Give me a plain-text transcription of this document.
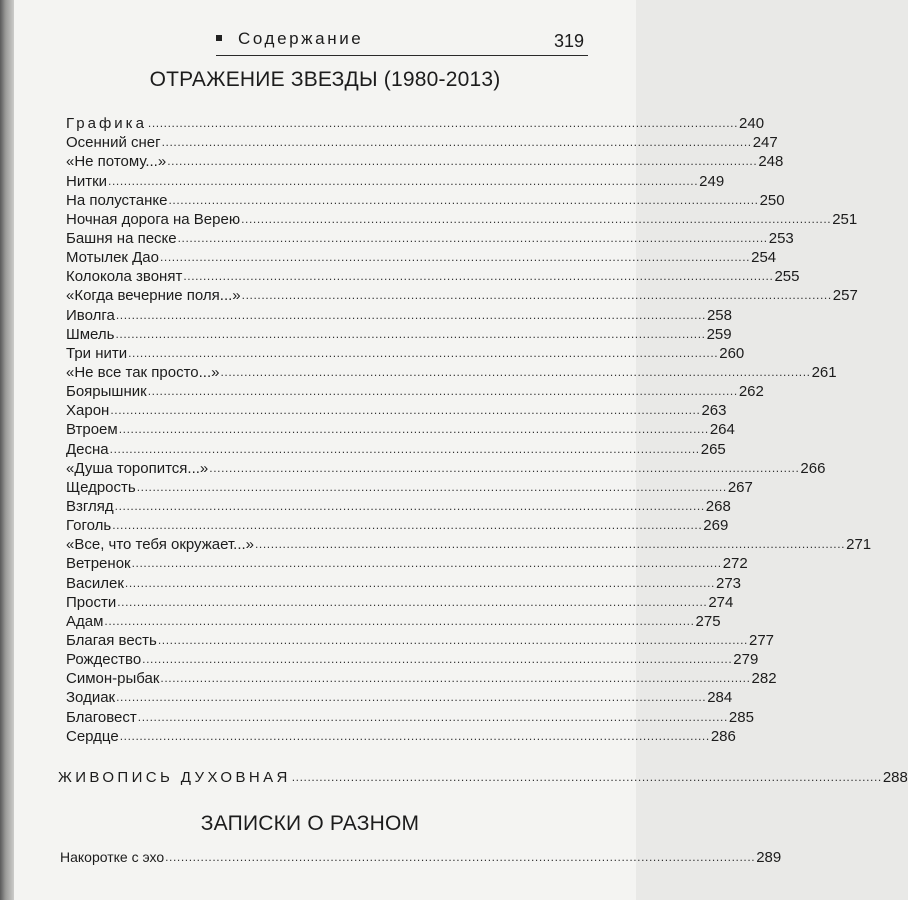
Содержание	319
ОТРАЖЕНИЕ ЗВЕЗДЫ (1980-2013)
Графика ...................................................................................................................................................... 240
Осенний снег ...................................................................................................................................................... 247
«Не потому...» ...................................................................................................................................................... 248
Нитки ...................................................................................................................................................... 249
На полустанке ...................................................................................................................................................... 250
Ночная дорога на Верею ...................................................................................................................................................... 251
Башня на песке ...................................................................................................................................................... 253
Мотылек Дао ...................................................................................................................................................... 254
Колокола звонят ...................................................................................................................................................... 255
«Когда вечерние поля...» ...................................................................................................................................................... 257
Иволга ...................................................................................................................................................... 258
Шмель ...................................................................................................................................................... 259
Три нити ...................................................................................................................................................... 260
«Не все так просто...» ...................................................................................................................................................... 261
Боярышник ...................................................................................................................................................... 262
Харон ...................................................................................................................................................... 263
Втроем ...................................................................................................................................................... 264
Десна ...................................................................................................................................................... 265
«Душа торопится...» ...................................................................................................................................................... 266
Щедрость ...................................................................................................................................................... 267
Взгляд ...................................................................................................................................................... 268
Гоголь ...................................................................................................................................................... 269
«Все, что тебя окружает...» ...................................................................................................................................................... 271
Ветренок ...................................................................................................................................................... 272
Василек ...................................................................................................................................................... 273
Прости ...................................................................................................................................................... 274
Адам ...................................................................................................................................................... 275
Благая весть ...................................................................................................................................................... 277
Рождество ...................................................................................................................................................... 279
Симон-рыбак ...................................................................................................................................................... 282
Зодиак ...................................................................................................................................................... 284
Благовест ...................................................................................................................................................... 285
Сердце ...................................................................................................................................................... 286
ЖИВОПИСЬ ДУХОВНАЯ ...................................................................................................................................................... 288
ЗАПИСКИ О РАЗНОМ
Накоротке с эхо ...................................................................................................................................................... 289
